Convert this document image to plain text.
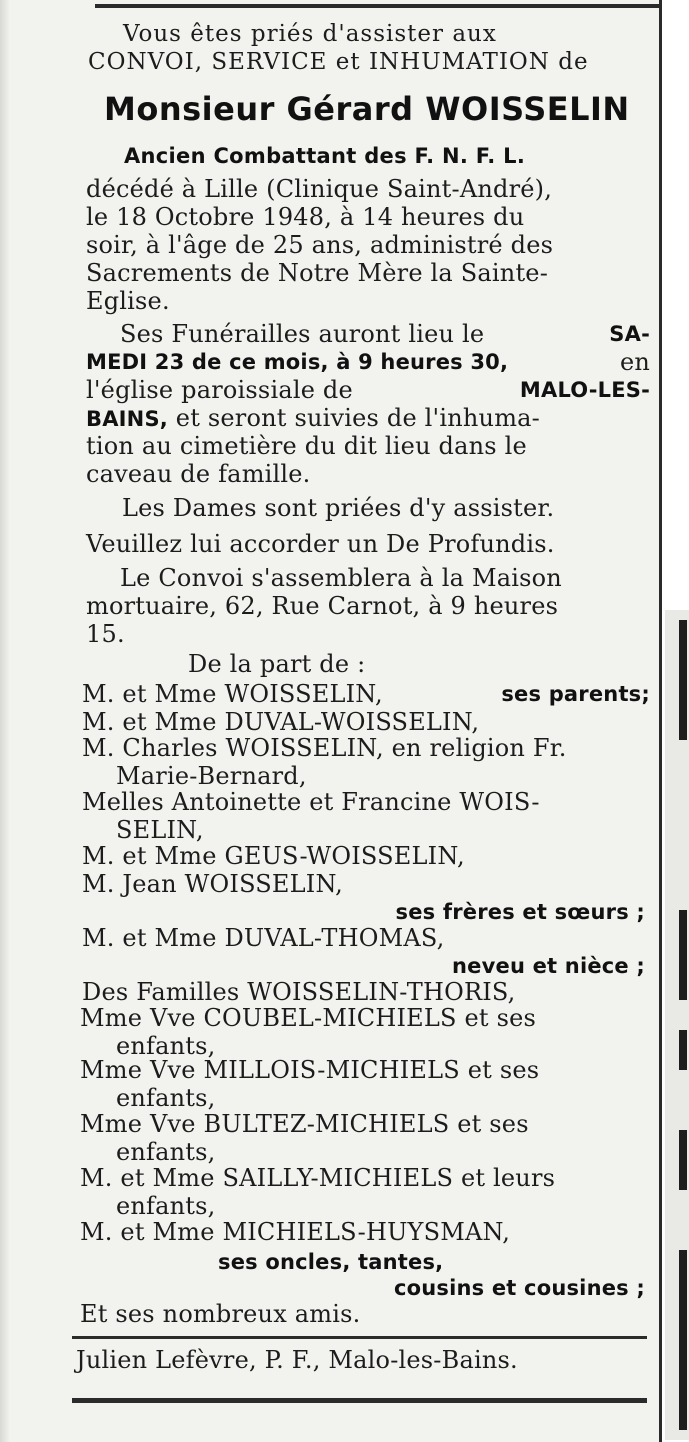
Vous êtes priés d'assister aux
CONVOI, SERVICE et INHUMATION de
Monsieur Gérard WOISSELIN
Ancien Combattant des F. N. F. L.
décédé à Lille (Clinique Saint-André),
le 18 Octobre 1948, à 14 heures du
soir, à l'âge de 25 ans, administré des
Sacrements de Notre Mère la Sainte-
Eglise.
Ses Funérailles auront lieu le	SA-
MEDI 23 de ce mois, à 9 heures 30,	en
l'église paroissiale de	MALO-LES-
BAINS, et seront suivies de l'inhuma-
tion au cimetière du dit lieu dans le
caveau de famille.
Les Dames sont priées d'y assister.
Veuillez lui accorder un De Profundis.
Le Convoi s'assemblera à la Maison
mortuaire, 62, Rue Carnot, à 9 heures
15.
De la part de :
M. et Mme WOISSELIN,	ses parents;
M. et Mme DUVAL-WOISSELIN,
M. Charles WOISSELIN, en religion Fr.
Marie-Bernard,
Melles Antoinette et Francine WOIS-
SELIN,
M. et Mme GEUS-WOISSELIN,
M. Jean WOISSELIN,
ses frères et sœurs ;
M. et Mme DUVAL-THOMAS,
neveu et nièce ;
Des Familles WOISSELIN-THORIS,
Mme Vve COUBEL-MICHIELS et ses
enfants,
Mme Vve MILLOIS-MICHIELS et ses
enfants,
Mme Vve BULTEZ-MICHIELS et ses
enfants,
M. et Mme SAILLY-MICHIELS et leurs
enfants,
M. et Mme MICHIELS-HUYSMAN,
ses oncles, tantes,
cousins et cousines ;
Et ses nombreux amis.
Julien Lefèvre, P. F., Malo-les-Bains.
